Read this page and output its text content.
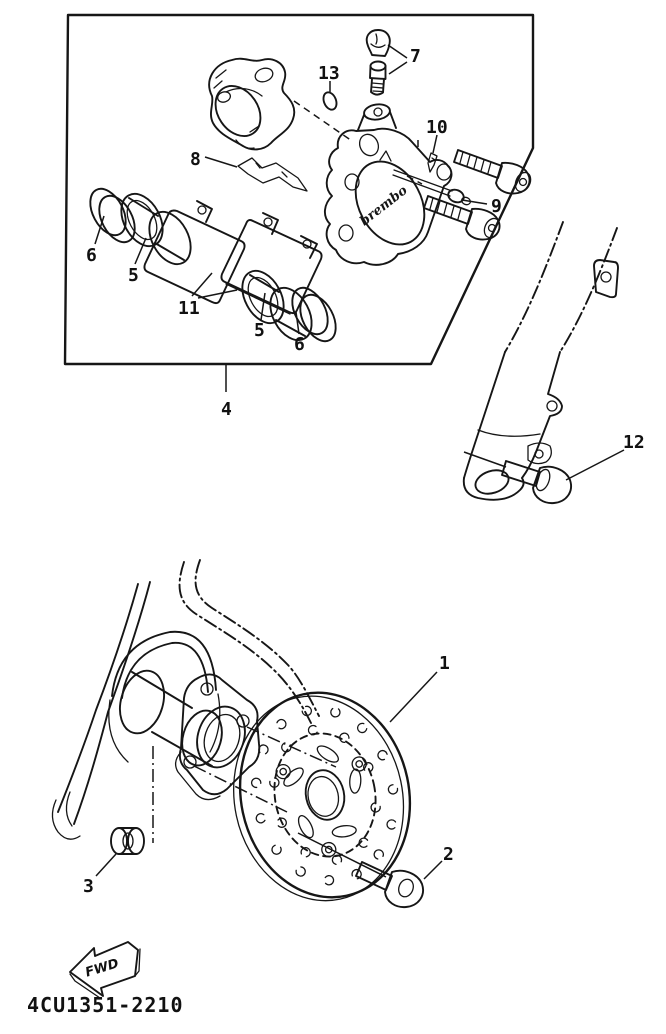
brembo
7
13
10
9
8
6
5
11
5
6
4
12
1
2
3
FWD
4CU1351-2210
